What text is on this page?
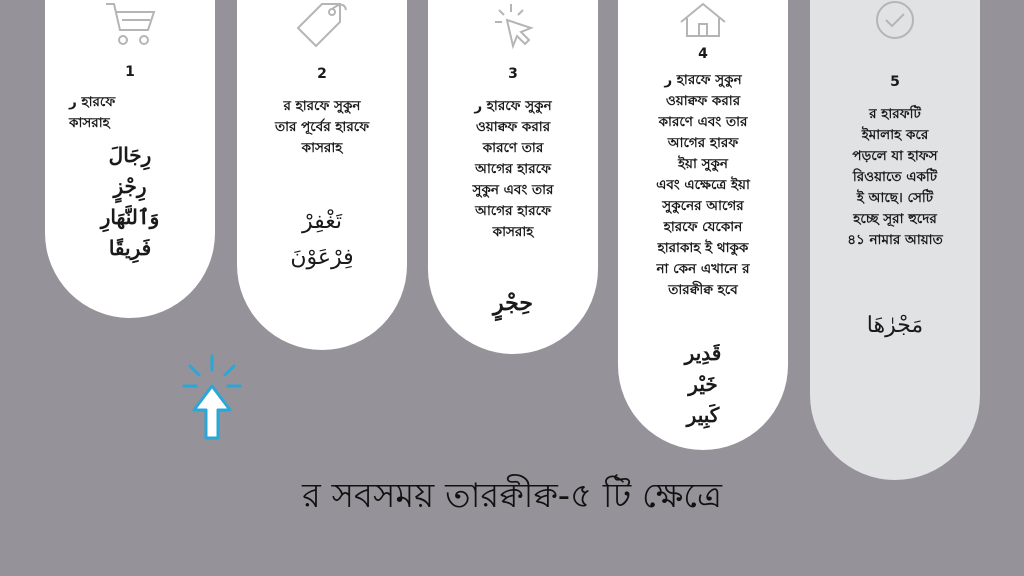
1
ر হারফে
কাসরাহ
رِجَالَ
رِجْزٍ
وَٱلنَّهَارِ
فَرِيقًا
2
র হারফে সুকুন
তার পূর্বের হারফে
কাসরাহ
تَغْفِرْ
فِرْعَوْنَ
3
ر হারফে সুকুন
ওয়াক্বফ করার
কারণে তার
আগের হারফে
সুকুন এবং তার
আগের হারফে
কাসরাহ
حِجْرٍ
4
ر হারফে সুকুন
ওয়াক্বফ করার
কারণে এবং তার
আগের হারফ
ইয়া সুকুন
এবং এক্ষেত্রে ইয়া
সুকুনের আগের
হারফে যেকোন
হারাকাহ ই থাকুক
না কেন এখানে র
তারক্বীক্ব হবে
قَدِير
خَيْر
كَبِير
5
র হারফটি
ইমালাহ করে
পড়লে যা হাফস
রিওয়াতে একটি
ই আছে। সেটি
হচ্ছে সূরা হুদের
৪১ নামার আয়াত
مَجْرٰهَا
র সবসময় তারক্বীক্ব-৫ টি ক্ষেত্রে
